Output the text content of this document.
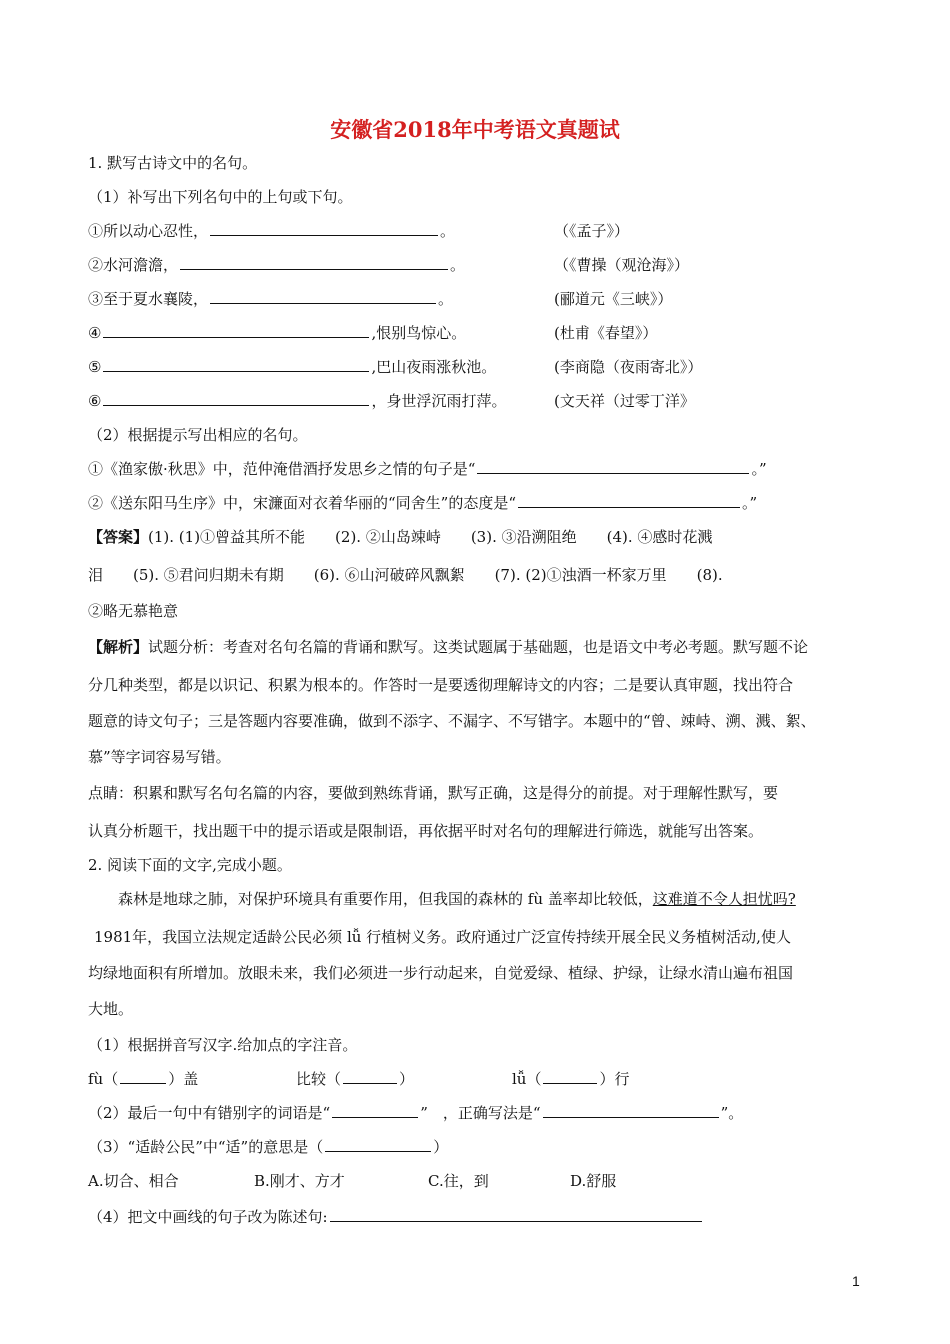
安徽省2018年中考语文真题试
1. 默写古诗文中的名句。
（1）补写出下列名句中的上句或下句。
①所以动心忍性，	。	（《孟子》）
②水河澹澹，	。	（《曹操（观沧海》）
③至于夏水襄陵，	。	(郦道元《三峡》）
④	,恨别鸟惊心。	(杜甫《春望》）
⑤	,巴山夜雨涨秋池。	(李商隐（夜雨寄北》）
⑥	，身世浮沉雨打萍。	(文天祥（过零丁洋》
（2）根据提示写出相应的名句。
①《渔家傲·秋思》中，范仲淹借酒抒发思乡之情的句子是“	。”
②《送东阳马生序》中，宋濂面对衣着华丽的“同舍生”的态度是“	。”
【答案】(1). (1)①曾益其所不能　　(2). ②山岛竦峙　　(3). ③沿溯阻绝　　(4). ④感时花溅
泪　　(5). ⑤君问归期未有期　　(6). ⑥山河破碎风飘絮　　(7). (2)①浊酒一杯家万里　　(8).
②略无慕艳意
【解析】试题分析：考查对名句名篇的背诵和默写。这类试题属于基础题，也是语文中考必考题。默写题不论
分几种类型，都是以识记、积累为根本的。作答时一是要透彻理解诗文的内容；二是要认真审题，找出符合
题意的诗文句子；三是答题内容要准确，做到不添字、不漏字、不写错字。本题中的“曾、竦峙、溯、溅、絮、
慕”等字词容易写错。
点睛：积累和默写名句名篇的内容，要做到熟练背诵，默写正确，这是得分的前提。对于理解性默写，要
认真分析题干，找出题干中的提示语或是限制语，再依据平时对名句的理解进行筛选，就能写出答案。
2. 阅读下面的文字,完成小题。
森林是地球之肺，对保护环境具有重要作用，但我国的森林的 fù 盖率却比较低，这难道不令人担忧吗?
1981年，我国立法规定适龄公民必须 lǚ 行植树义务。政府通过广泛宣传持续开展全民义务植树活动,使人
均绿地面积有所增加。放眼未来，我们必须进一步行动起来，自觉爱绿、植绿、护绿，让绿水清山遍布祖国
大地。
（1）根据拼音写汉字.给加点的字注音。
fù（	）盖	比较（	）	lǚ（	）行
（2）最后一句中有错别字的词语是“	”　，正确写法是“	”。
（3）“适龄公民”中“适”的意思是（	）
A.切合、相合	B.刚才、方才	C.往，到	D.舒服
（4）把文中画线的句子改为陈述句:
1
